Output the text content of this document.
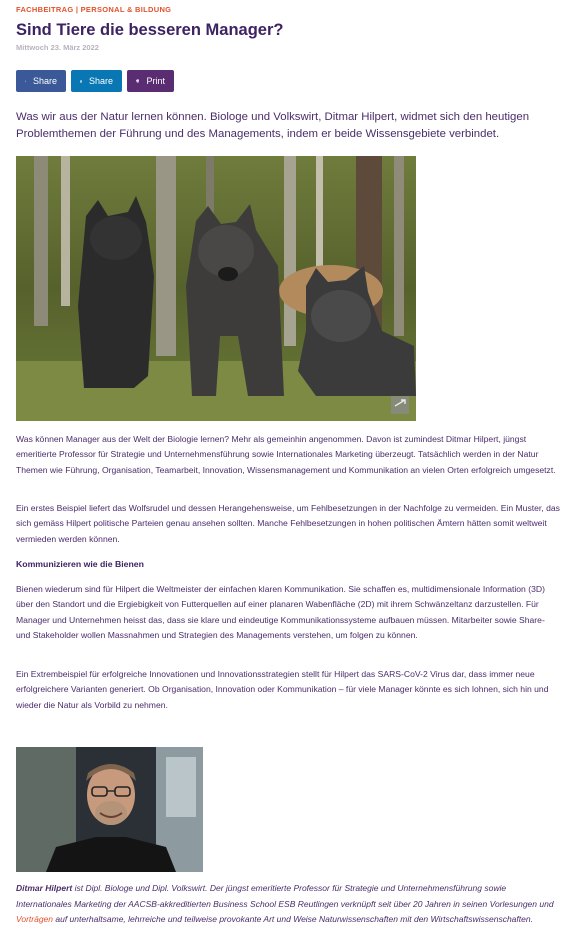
FACHBEITRAG | PERSONAL & BILDUNG
Sind Tiere die besseren Manager?
Mittwoch 23. März 2022
Share	Share	Print

Was wir aus der Natur lernen können. Biologe und Volkswirt, Ditmar Hilpert, widmet sich den heutigen Problemthemen der Führung und des Managements, indem er beide Wissensgebiete verbindet.

Was können Manager aus der Welt der Biologie lernen? Mehr als gemeinhin angenommen. Davon ist zumindest Ditmar Hilpert, jüngst emeritierte Professor für Strategie und Unternehmensführung sowie Internationales Marketing überzeugt. Tatsächlich werden in der Natur Themen wie Führung, Organisation, Teamarbeit, Innovation, Wissensmanagement und Kommunikation an vielen Orten erfolgreich umgesetzt.

Ein erstes Beispiel liefert das Wolfsrudel und dessen Herangehensweise, um Fehlbesetzungen in der Nachfolge zu vermeiden. Ein Muster, das sich gemäss Hilpert politische Parteien genau ansehen sollten. Manche Fehlbesetzungen in hohen politischen Ämtern hätten somit weltweit vermieden werden können.

Kommunizieren wie die Bienen

Bienen wiederum sind für Hilpert die Weltmeister der einfachen klaren Kommunikation. Sie schaffen es, multidimensionale Information (3D) über den Standort und die Ergiebigkeit von Futterquellen auf einer planaren Wabenfläche (2D) mit ihrem Schwänzeltanz darzustellen. Für Manager und Unternehmen heisst das, dass sie klare und eindeutige Kommunikationssysteme aufbauen müssen. Mitarbeiter sowie Share- und Stakeholder wollen Massnahmen und Strategien des Managements verstehen, um folgen zu können.

Ein Extrembeispiel für erfolgreiche Innovationen und Innovationsstrategien stellt für Hilpert das SARS-CoV-2 Virus dar, dass immer neue erfolgreichere Varianten generiert. Ob Organisation, Innovation oder Kommunikation – für viele Manager könnte es sich lohnen, sich hin und wieder die Natur als Vorbild zu nehmen.

Ditmar Hilpert ist Dipl. Biologe und Dipl. Volkswirt. Der jüngst emeritierte Professor für Strategie und Unternehmensführung sowie Internationales Marketing der AACSB-akkreditierten Business School ESB Reutlingen verknüpft seit über 20 Jahren in seinen Vorlesungen und Vorträgen auf unterhaltsame, lehrreiche und teilweise provokante Art und Weise Naturwissenschaften mit den Wirtschaftswissenschaften.
